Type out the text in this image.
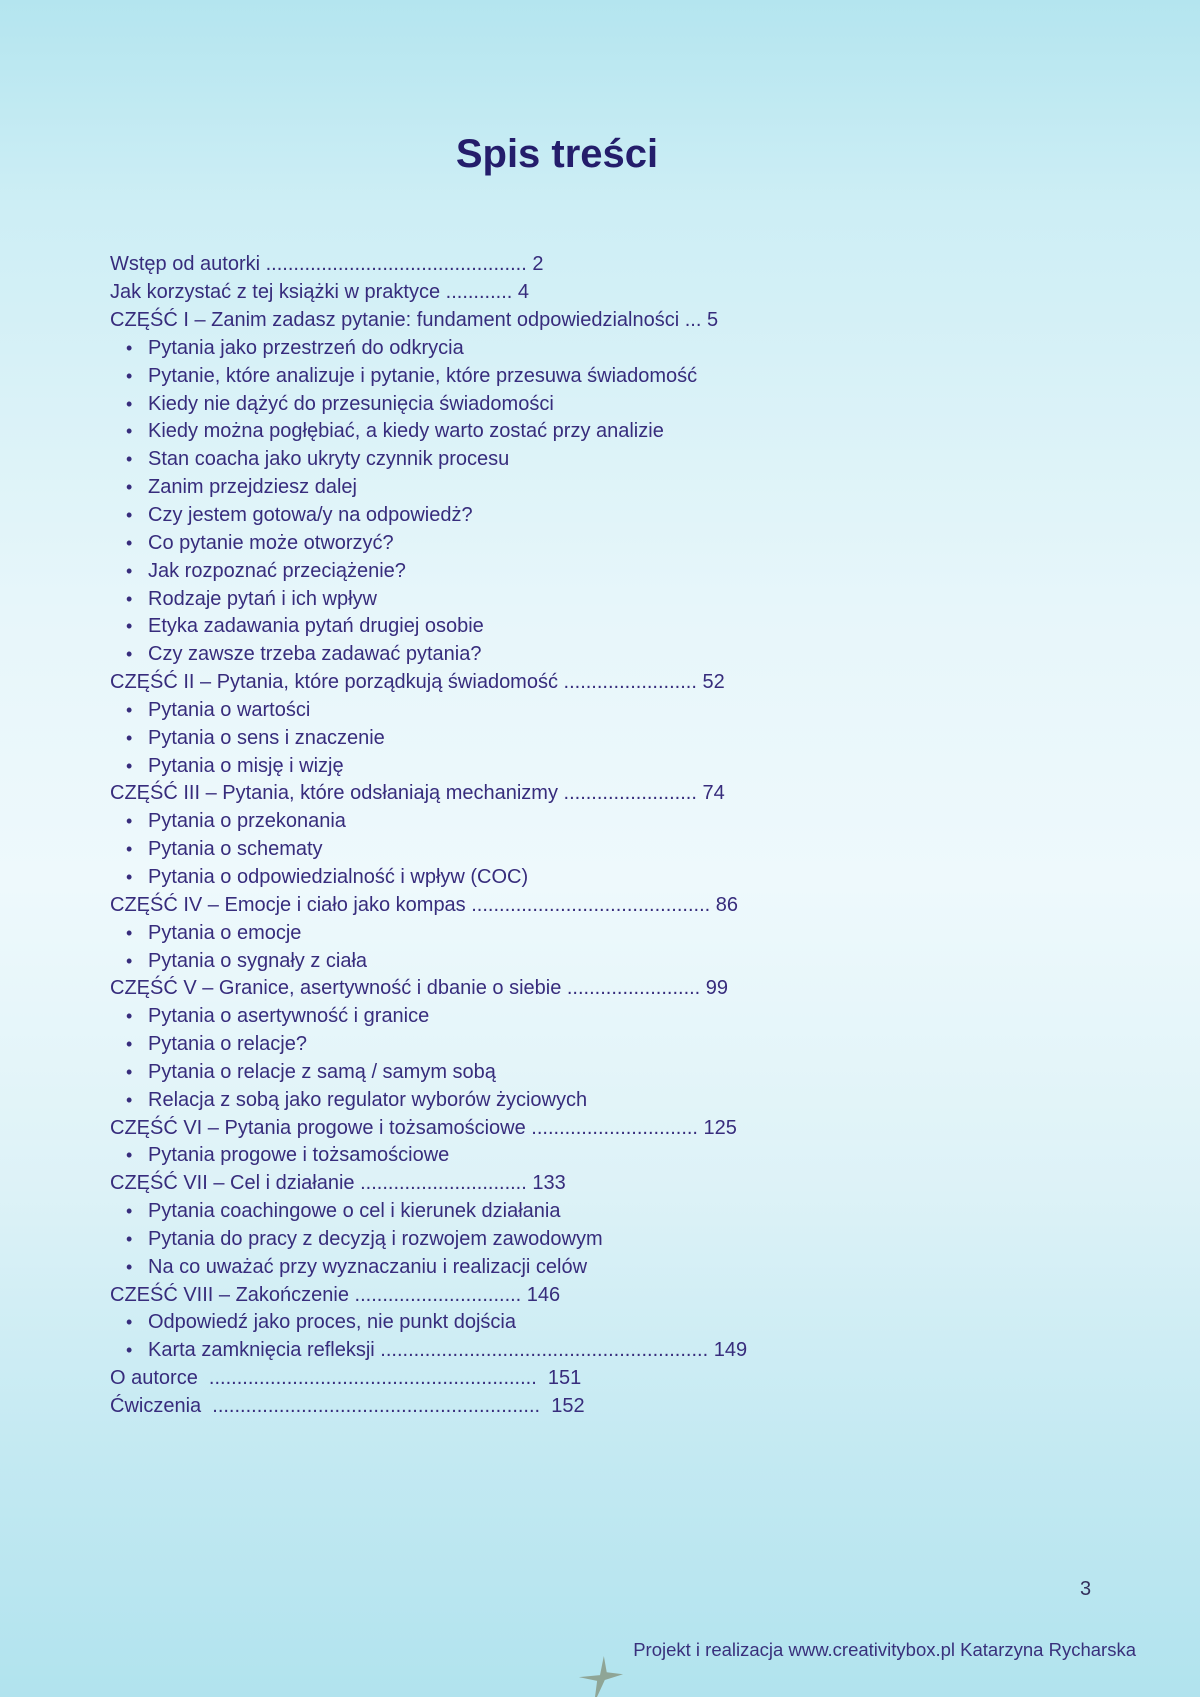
Spis treści
Wstęp od autorki ............................................... 2
Jak korzystać z tej książki w praktyce ............ 4
CZĘŚĆ I – Zanim zadasz pytanie: fundament odpowiedzialności ... 5
• Pytania jako przestrzeń do odkrycia
• Pytanie, które analizuje i pytanie, które przesuwa świadomość
• Kiedy nie dążyć do przesunięcia świadomości
• Kiedy można pogłębiać, a kiedy warto zostać przy analizie
• Stan coacha jako ukryty czynnik procesu
• Zanim przejdziesz dalej
• Czy jestem gotowa/y na odpowiedż?
• Co pytanie może otworzyć?
• Jak rozpoznać przeciążenie?
• Rodzaje pytań i ich wpływ
• Etyka zadawania pytań drugiej osobie
• Czy zawsze trzeba zadawać pytania?
CZĘŚĆ II – Pytania, które porządkują świadomość ........................ 52
• Pytania o wartości
• Pytania o sens i znaczenie
• Pytania o misję i wizję
CZĘŚĆ III – Pytania, które odsłaniają mechanizmy ........................ 74
• Pytania o przekonania
• Pytania o schematy
• Pytania o odpowiedzialność i wpływ (COC)
CZĘŚĆ IV – Emocje i ciało jako kompas ........................................... 86
• Pytania o emocje
• Pytania o sygnały z ciała
CZĘŚĆ V – Granice, asertywność i dbanie o siebie ........................ 99
• Pytania o asertywność i granice
• Pytania o relacje?
• Pytania o relacje z samą / samym sobą
• Relacja z sobą jako regulator wyborów życiowych
CZĘŚĆ VI – Pytania progowe i tożsamościowe .............................. 125
• Pytania progowe i tożsamościowe
CZĘŚĆ VII – Cel i działanie .............................. 133
• Pytania coachingowe o cel i kierunek działania
• Pytania do pracy z decyzją i rozwojem zawodowym
• Na co uważać przy wyznaczaniu i realizacji celów
CZEŚĆ VIII – Zakończenie .............................. 146
• Odpowiedź jako proces, nie punkt dojścia
• Karta zamknięcia refleksji ........................................................... 149
O autorce  ...........................................................  151
Ćwiczenia  ...........................................................  152
3
Projekt i realizacja www.creativitybox.pl Katarzyna Rycharska
